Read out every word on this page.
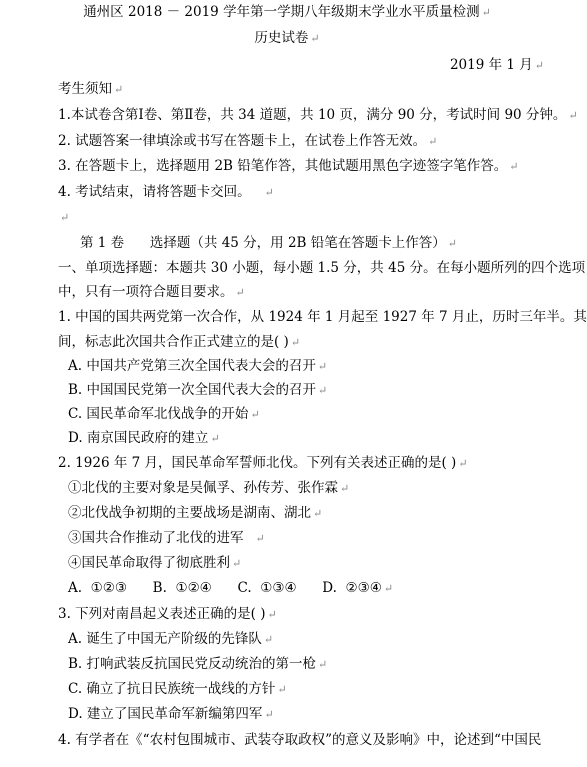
通州区 2018 － 2019 学年第一学期八年级期末学业水平质量检测 ↵
历史试卷 ↵
2019 年 1 月 ↵
考生须知 ↵
1.本试卷含第Ⅰ卷、第Ⅱ卷，共 34 道题，共 10 页，满分 90 分，考试时间 90 分钟。 ↵
2. 试题答案一律填涂或书写在答题卡上，在试卷上作答无效。 ↵
3. 在答题卡上，选择题用 2B 铅笔作答，其他试题用黑色字迹签字笔作答。 ↵
4. 考试结束，请将答题卡交回。 ↵
↵
第 1 卷      选择题（共 45 分，用 2B 铅笔在答题卡上作答） ↵
一、单项选择题：本题共 30 小题，每小题 1.5 分，共 45 分。在每小题所列的四个选项
中，只有一项符合题目要求。 ↵
1. 中国的国共两党第一次合作，从 1924 年 1 月起至 1927 年 7 月止，历时三年半。其
间，标志此次国共合作正式建立的是( ) ↵
A. 中国共产党第三次全国代表大会的召开 ↵
B. 中国国民党第一次全国代表大会的召开 ↵
C. 国民革命军北伐战争的开始 ↵
D. 南京国民政府的建立 ↵
2. 1926 年 7 月，国民革命军誓师北伐。下列有关表述正确的是( ) ↵
①北伐的主要对象是吴佩孚、孙传芳、张作霖 ↵
②北伐战争初期的主要战场是湖南、湖北 ↵
③国共合作推动了北伐的进军 ↵
④国民革命取得了彻底胜利 ↵
A.  ①②③      B.  ①②④      C.  ①③④      D.  ②③④ ↵
3. 下列对南昌起义表述正确的是( ) ↵
A. 诞生了中国无产阶级的先锋队 ↵
B. 打响武装反抗国民党反动统治的第一枪 ↵
C. 确立了抗日民族统一战线的方针 ↵
D. 建立了国民革命军新编第四军 ↵
4. 有学者在《“农村包围城市、武装夺取政权”的意义及影响》中，论述到“中国民
